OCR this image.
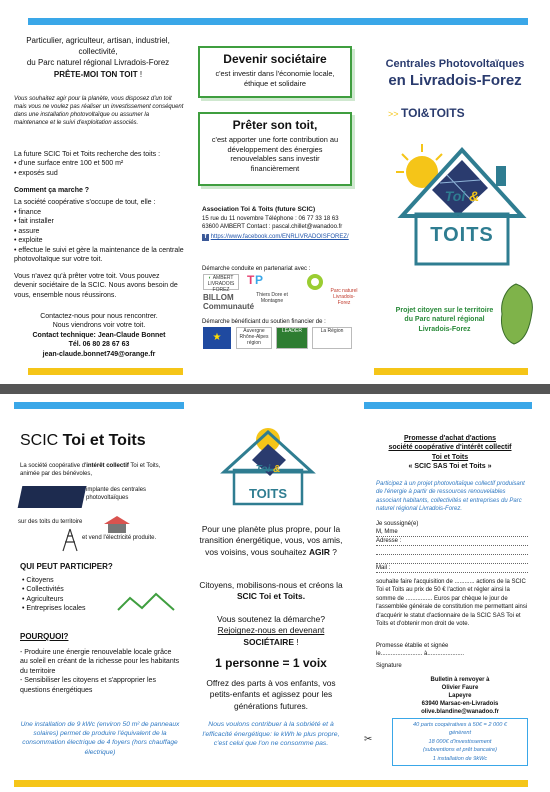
Particulier, agriculteur, artisan, industriel,
collectivité,
du Parc naturel régional Livradois-Forez
PRÊTE-MOI TON TOIT !
Vous souhaitez agir pour la planète, vous disposez d'un toit mais vous ne voulez pas réaliser un investissement conséquent dans une installation photovoltaïque ou assumer la maintenance et le suivi d'exploitation associés.
La future SCIC Toi et Toits recherche des toits :
• d'une surface entre 100 et 500 m²
• exposés sud
Comment ça marche ?
La société coopérative s'occupe de tout, elle :
• finance
• fait installer
• assure
• exploite
• effectue le suivi et gère la maintenance de la centrale photovoltaïque sur votre toit.
Vous n'avez qu'à prêter votre toit. Vous pouvez devenir sociétaire de la SCIC. Nous avons besoin de vous, ensemble nous réussirons.
Contactez-nous pour nous rencontrer.
Nous viendrons voir votre toit.
Contact technique: Jean-Claude Bonnet
Tél. 06 80 28 67 63
jean-claude.bonnet749@orange.fr
Devenir sociétaire
c'est investir dans l'économie locale, éthique et solidaire
Prêter son toit,
c'est apporter une forte contribution au développement des énergies renouvelables sans investir financièrement
Association Toi & Toits (future SCIC)
15 rue du 11 novembre Téléphone : 06 77 33 18 63
63600 AMBERT Contact : pascal.chillet@wanadoo.fr
f https://www.facebook.com/ENRLIVRADOISFOREZ/
Démarche conduite en partenariat avec :
◐ AMBERT LIVRADOIS FOREZ
T P
BILLOM Communauté
Thiers Dore et Montagne
Parc naturel Livradois-Forez
Démarche bénéficiant du soutien financier de :
★
Auvergne Rhône-Alpes région
LEADER	La Région
Centrales Photovoltaïques
en Livradois-Forez
>> TOI&TOITS
Toi &
TOITS
Projet citoyen sur le territoire du Parc naturel régional Livradois-Forez
SCIC Toi et Toits
La société coopérative d'intérêt collectif Toi et Toits, animée par des bénévoles,
implante des centrales photovoltaïques
sur des toits du territoire
et vend l'électricité produite.
QUI PEUT PARTICIPER?
• Citoyens
• Collectivités
• Agriculteurs
• Entreprises locales
POURQUOI?
- Produire une énergie renouvelable locale grâce au soleil en créant de la richesse pour les habitants du territoire
- Sensibiliser les citoyens et s'approprier les questions énergétiques
Une installation de 9 kWc (environ 50 m² de panneaux solaires) permet de produire l'équivalent de la consommation électrique de 4 foyers (hors chauffage électrique)
Toi &
TOITS
Pour une planète plus propre, pour la transition énergétique, vous, vos amis, vos voisins, vous souhaitez AGIR ?
Citoyens, mobilisons-nous et créons la SCIC Toi et Toits.
Vous soutenez la démarche?
Rejoignez-nous en devenant
SOCIÉTAIRE !
1 personne = 1 voix
Offrez des parts à vos enfants, vos petits-enfants et agissez pour les générations futures.
Nous voulons contribuer à la sobriété et à l'efficacité énergétique: le kWh le plus propre, c'est celui que l'on ne consomme pas.
Promesse d'achat d'actions
société coopérative d'intérêt collectif
Toi et Toits
« SCIC SAS Toi et Toits »
Participez à un projet photovoltaïque collectif produisant de l'énergie à partir de ressources renouvelables associant habitants, collectivités et entreprises du Parc naturel régional Livradois-Forez.
Je soussigné(e)
M, Mme
Adresse :
Mail :
souhaite faire l'acquisition de ............ actions de la SCIC Toi et Toits au prix de 50 € l'action et régler ainsi la somme de ................ Euros par chèque le jour de l'assemblée générale de constitution me permettant ainsi d'acquérir le statut d'actionnaire de la SCIC SAS Toi et Toits et d'obtenir mon droit de vote.
Promesse établie et signée
le......................... à......................
Signature
Bulletin à renvoyer à
Olivier Faure
Lapeyre
63940 Marsac-en-Livradois
olive.blandine@wanadoo.fr
40 parts coopératives à 50€ = 2 000 €
génèrent
18 000€ d'investissement
(subventions et prêt bancaire)
1 installation de 9kWc
✂
